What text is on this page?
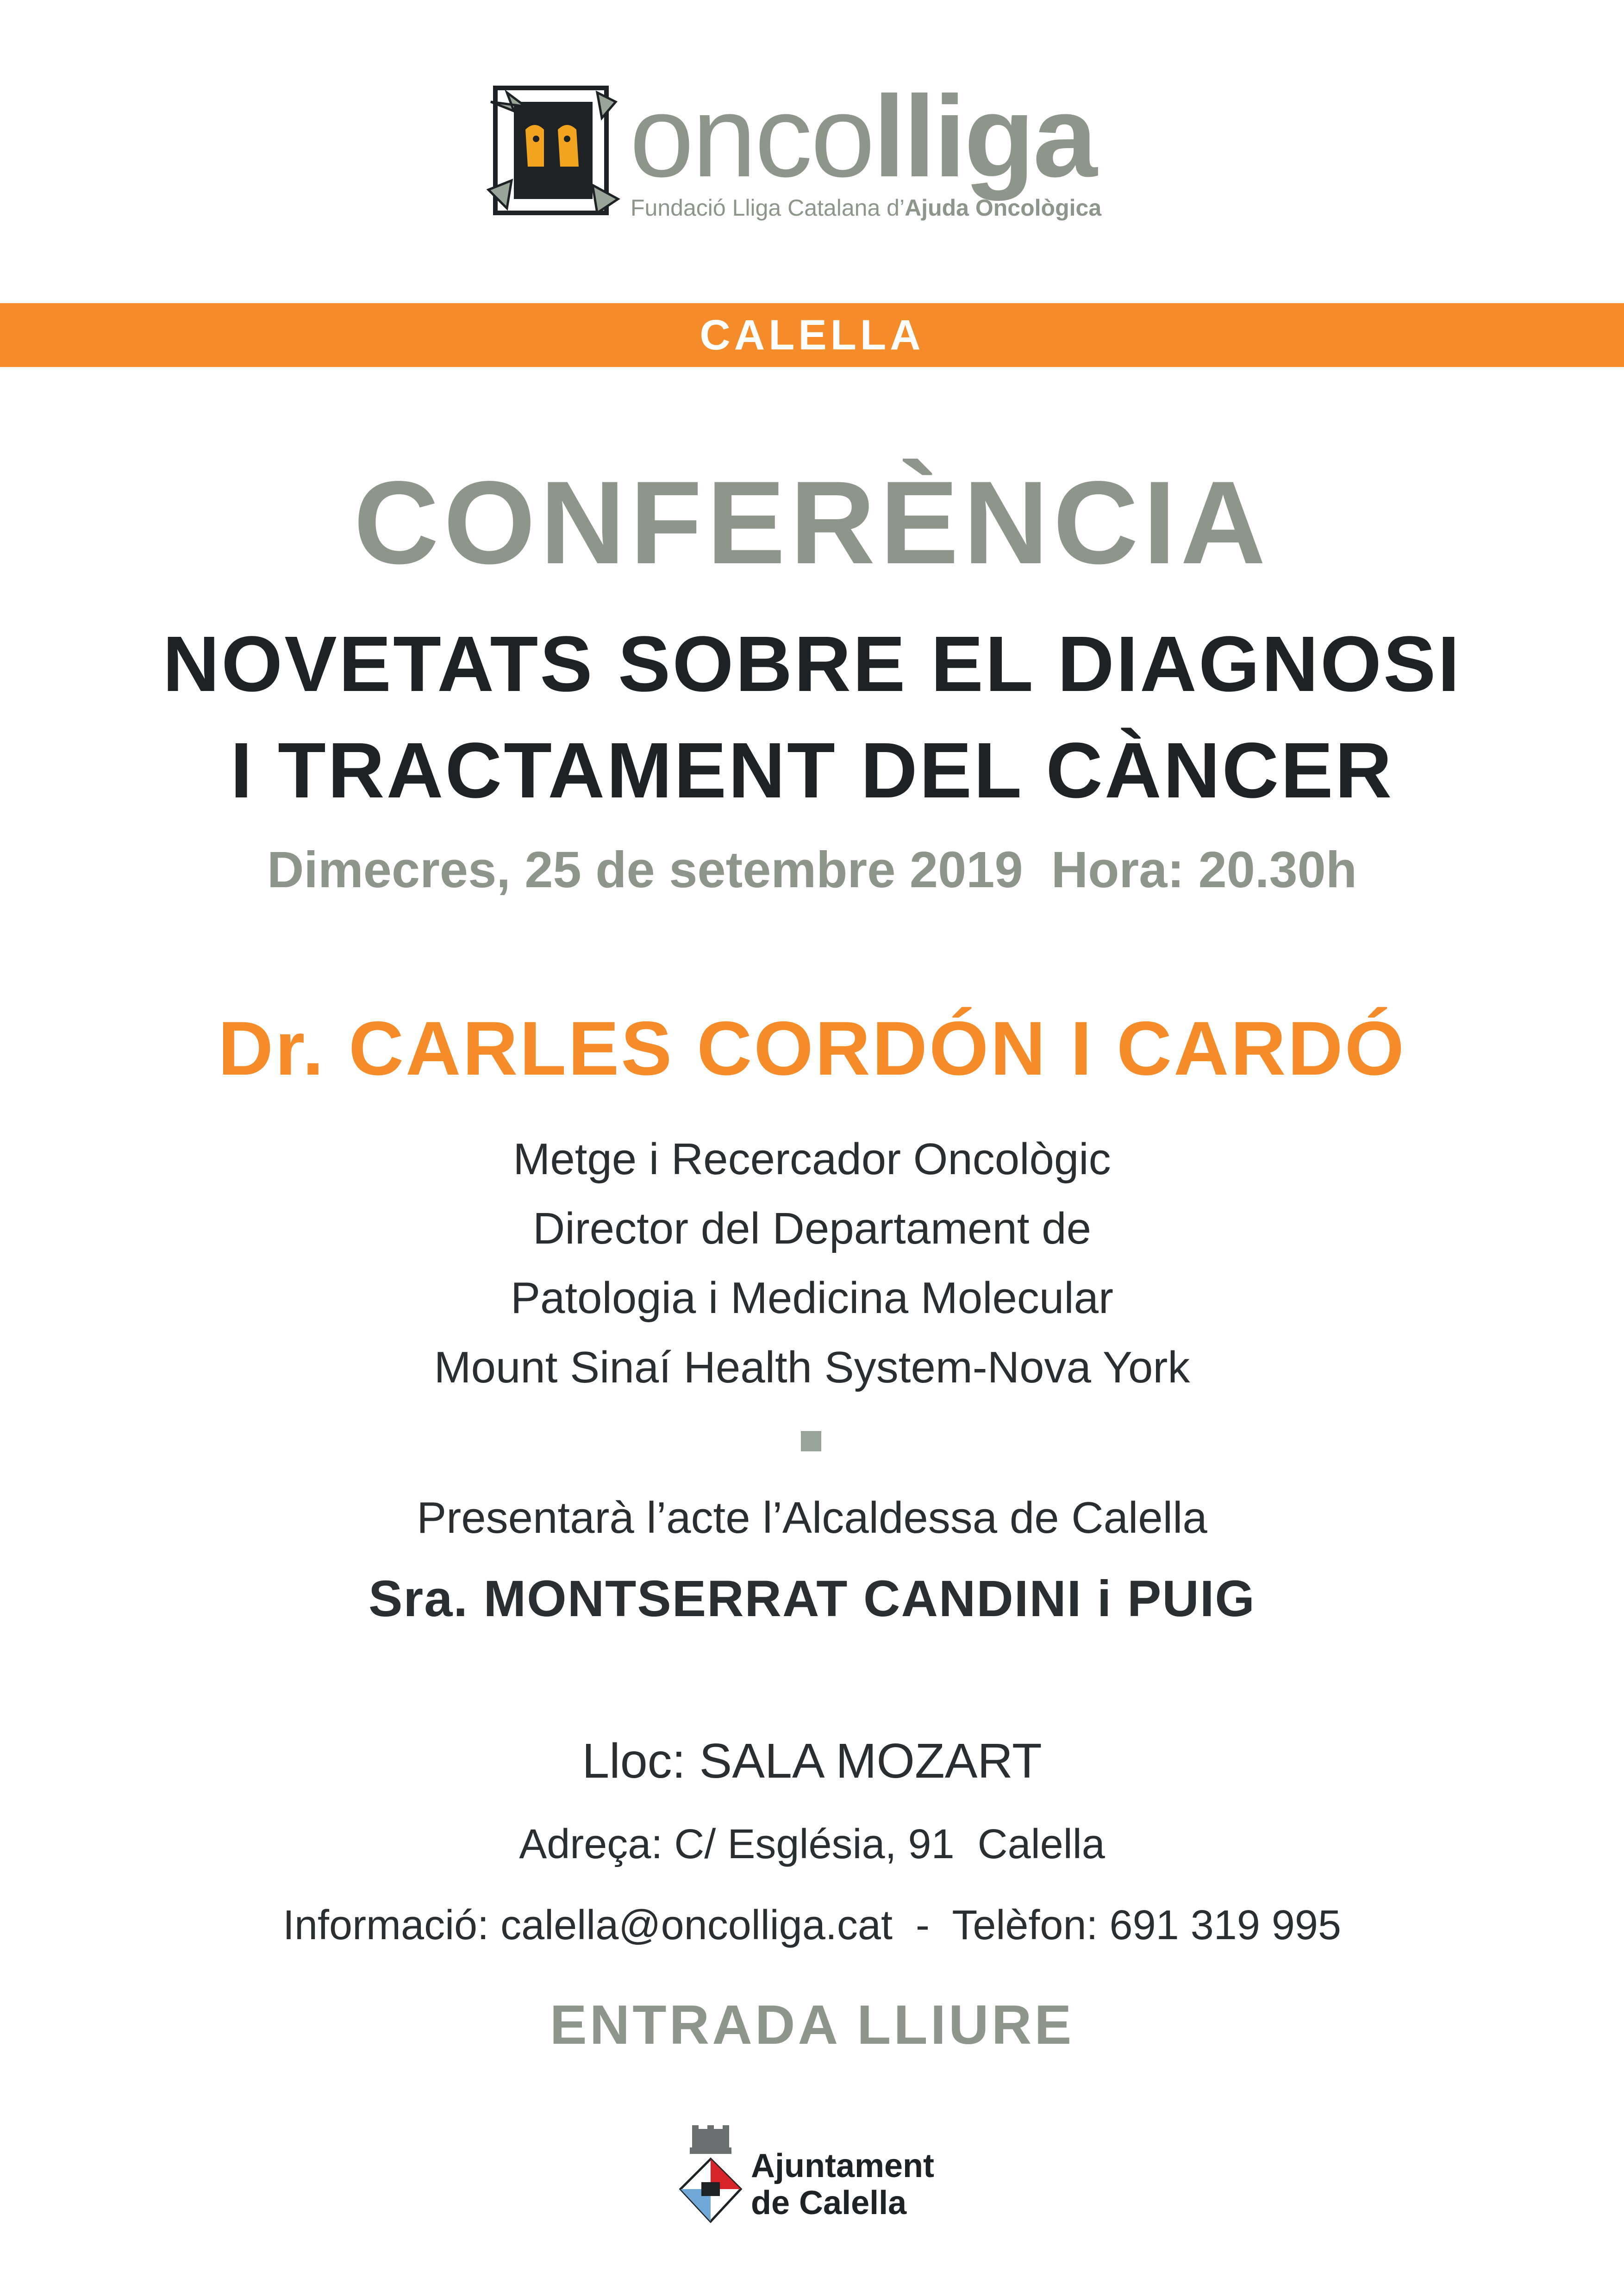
oncolliga
Fundació Lliga Catalana d’Ajuda Oncològica
CALELLA
CONFERÈNCIA
NOVETATS SOBRE EL DIAGNOSI
I TRACTAMENT DEL CÀNCER
Dimecres, 25 de setembre 2019  Hora: 20.30h
Dr. CARLES CORDÓN I CARDÓ
Metge i Recercador Oncològic
Director del Departament de
Patologia i Medicina Molecular
Mount Sinaí Health System-Nova York
Presentarà l’acte l’Alcaldessa de Calella
Sra. MONTSERRAT CANDINI i PUIG
Lloc: SALA MOZART
Adreça: C/ Església, 91  Calella
Informació: calella@oncolliga.cat  -  Telèfon: 691 319 995
ENTRADA LLIURE
Ajuntament
de Calella
